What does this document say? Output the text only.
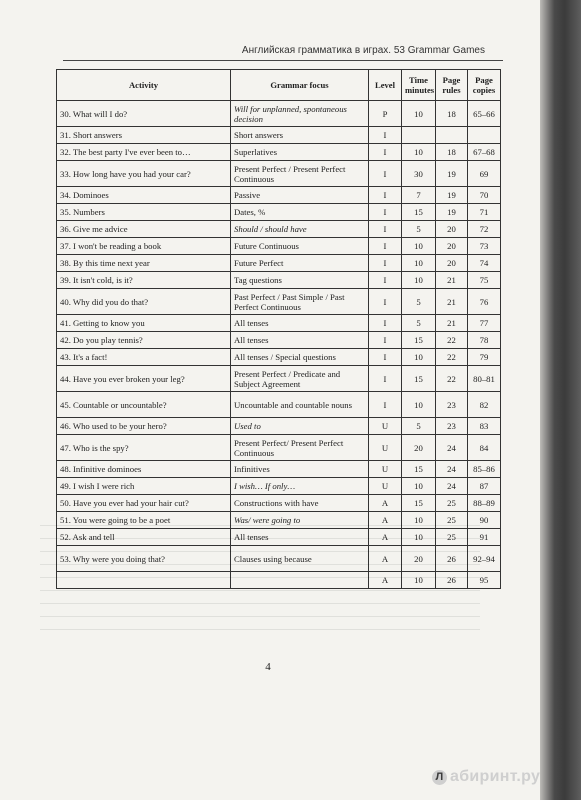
Английская грамматика в играх. 53 Grammar Games
Activity	Grammar focus	Level	Time minutes	Page rules	Page copies
30. What will I do?	Will for unplanned, spontaneous decision	P	10	18	65–66
31. Short answers	Short answers	I			
32. The best party I've ever been to…	Superlatives	I	10	18	67–68
33. How long have you had your car?	Present Perfect / Present Perfect Continuous	I	30	19	69
34. Dominoes	Passive	I	7	19	70
35. Numbers	Dates, %	I	15	19	71
36. Give me advice	Should / should have	I	5	20	72
37. I won't be reading a book	Future Continuous	I	10	20	73
38. By this time next year	Future Perfect	I	10	20	74
39. It isn't cold, is it?	Tag questions	I	10	21	75
40. Why did you do that?	Past Perfect / Past Simple / Past Perfect Continuous	I	5	21	76
41. Getting to know you	All tenses	I	5	21	77
42. Do you play tennis?	All tenses	I	15	22	78
43. It's a fact!	All tenses / Special questions	I	10	22	79
44. Have you ever broken your leg?	Present Perfect / Predicate and Subject Agreement	I	15	22	80–81
45. Countable or uncountable?	Uncountable and countable nouns	I	10	23	82
46. Who used to be your hero?	Used to	U	5	23	83
47. Who is the spy?	Present Perfect/ Present Perfect Continuous	U	20	24	84
48. Infinitive dominoes	Infinitives	U	15	24	85–86
49. I wish I were rich	I wish… If only…	U	10	24	87
50. Have you ever had your hair cut?	Constructions with have	A	15	25	88–89
51. You were going to be a poet	Was/ were going to	A	10	25	90
52. Ask and tell	All tenses	A	10	25	91
53. Why were you doing that?	Clauses using because	A	20	26	92–94
		A	10	26	95
4
Л абиринт.ру
